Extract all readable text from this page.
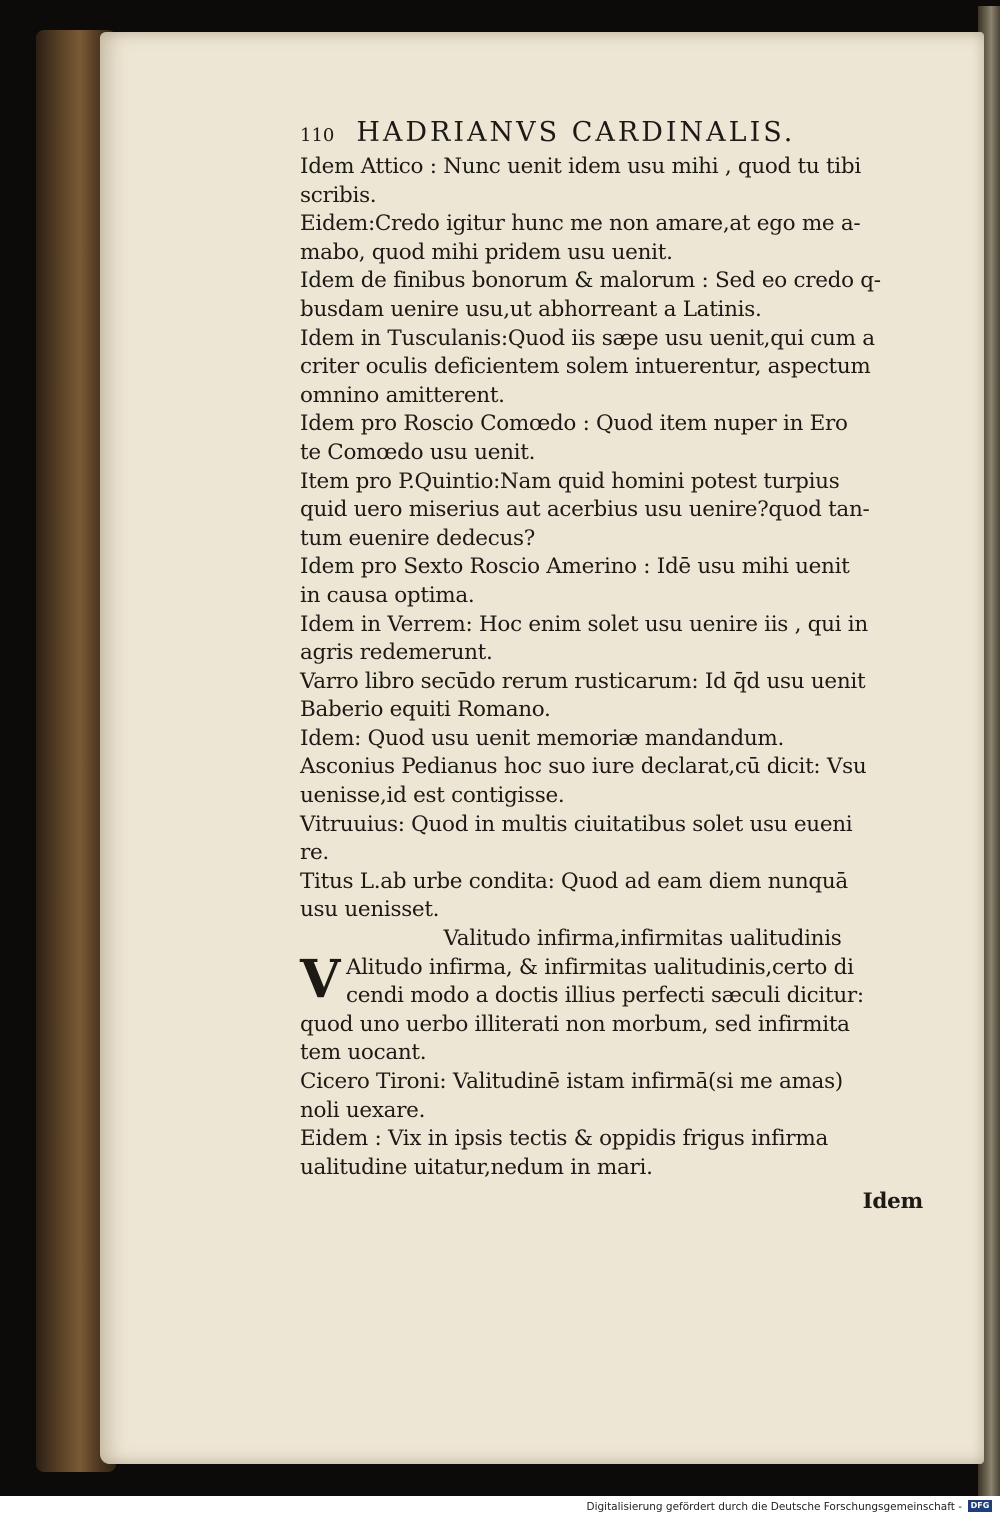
110 HADRIANVS CARDINALIS.
Idem Attico : Nunc uenit idem usu mihi , quod tu tibi
scribis.
Eidem:Credo igitur hunc me non amare,at ego me a-
mabo, quod mihi pridem usu uenit.
Idem de finibus bonorum & malorum : Sed eo credo q-
busdam uenire usu,ut abhorreant a Latinis.
Idem in Tusculanis:Quod iis sæpe usu uenit,qui cum a
criter oculis deficientem solem intuerentur, aspectum
omnino amitterent.
Idem pro Roscio Comœdo : Quod item nuper in Ero
te Comœdo usu uenit.
Item pro P.Quintio:Nam quid homini potest turpius
quid uero miserius aut acerbius usu uenire?quod tan-
tum euenire dedecus?
Idem pro Sexto Roscio Amerino : Idē usu mihi uenit
in causa optima.
Idem in Verrem: Hoc enim solet usu uenire iis , qui in
agris redemerunt.
Varro libro secūdo rerum rusticarum: Id q̄d usu uenit
Baberio equiti Romano.
Idem: Quod usu uenit memoriæ mandandum.
Asconius Pedianus hoc suo iure declarat,cū dicit: Vsu
uenisse,id est contigisse.
Vitruuius: Quod in multis ciuitatibus solet usu eueni
re.
Titus L.ab urbe condita: Quod ad eam diem nunquā
usu uenisset.
Valitudo infirma,infirmitas ualitudinis
V Alitudo infirma, & infirmitas ualitudinis,certo di
cendi modo a doctis illius perfecti sæculi dicitur:
quod uno uerbo illiterati non morbum, sed infirmita
tem uocant.
Cicero Tironi: Valitudinē istam infirmā(si me amas)
noli uexare.
Eidem : Vix in ipsis tectis & oppidis frigus infirma
ualitudine uitatur,nedum in mari.
Idem
Digitalisierung gefördert durch die Deutsche Forschungsgemeinschaft -	DFG
